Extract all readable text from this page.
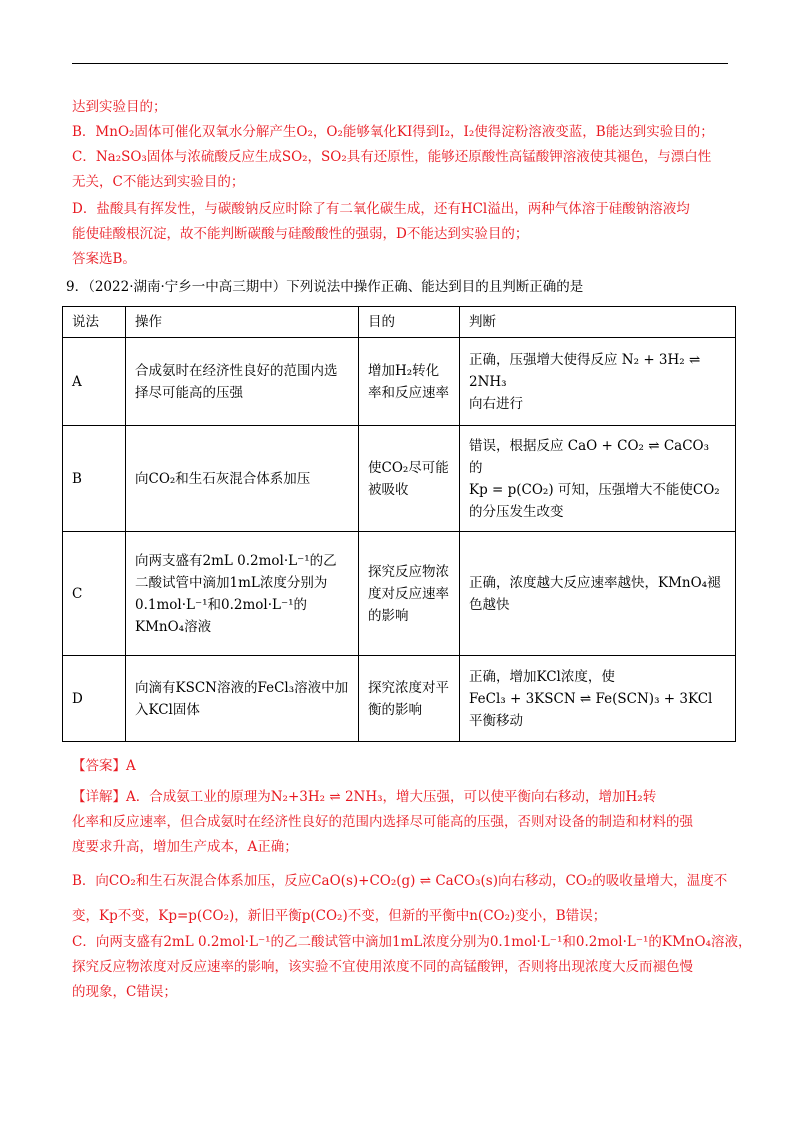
达到实验目的；
B．MnO₂固体可催化双氧水分解产生O₂，O₂能够氧化KI得到I₂，I₂使得淀粉溶液变蓝，B能达到实验目的；
C．Na₂SO₃固体与浓硫酸反应生成SO₂，SO₂具有还原性，能够还原酸性高锰酸钾溶液使其褪色，与漂白性
无关，C不能达到实验目的；
D．盐酸具有挥发性，与碳酸钠反应时除了有二氧化碳生成，还有HCl溢出，两种气体溶于硅酸钠溶液均
能使硅酸根沉淀，故不能判断碳酸与硅酸酸性的强弱，D不能达到实验目的；
答案选B。
9．（2022·湖南·宁乡一中高三期中）下列说法中操作正确、能达到目的且判断正确的是
说法	操作	目的	判断
A	合成氨时在经济性良好的范围内选择尽可能高的压强	增加H₂转化率和反应速率	正确，压强增大使得反应 N₂ + 3H₂ ⇌ 2NH₃
向右进行
B	向CO₂和生石灰混合体系加压	使CO₂尽可能被吸收	错误，根据反应 CaO + CO₂ ⇌ CaCO₃ 的
Kp = p(CO₂) 可知，压强增大不能使CO₂的分压发生改变
C	向两支盛有2mL 0.2mol·L⁻¹的乙二酸试管中滴加1mL浓度分别为0.1mol·L⁻¹和0.2mol·L⁻¹的KMnO₄溶液	探究反应物浓度对反应速率的影响	正确，浓度越大反应速率越快，KMnO₄褪色越快
D	向滴有KSCN溶液的FeCl₃溶液中加入KCl固体	探究浓度对平衡的影响	正确，增加KCl浓度，使
FeCl₃ + 3KSCN ⇌ Fe(SCN)₃ + 3KCl 平衡移动
【答案】A
【详解】A．合成氨工业的原理为N₂+3H₂ ⇌ 2NH₃，增大压强，可以使平衡向右移动，增加H₂转
化率和反应速率，但合成氨时在经济性良好的范围内选择尽可能高的压强，否则对设备的制造和材料的强
度要求升高，增加生产成本，A正确；
B．向CO₂和生石灰混合体系加压，反应CaO(s)+CO₂(g) ⇌ CaCO₃(s)向右移动，CO₂的吸收量增大，温度不
变，Kp不变，Kp=p(CO₂)，新旧平衡p(CO₂)不变，但新的平衡中n(CO₂)变小，B错误；
C．向两支盛有2mL 0.2mol·L⁻¹的乙二酸试管中滴加1mL浓度分别为0.1mol·L⁻¹和0.2mol·L⁻¹的KMnO₄溶液，
探究反应物浓度对反应速率的影响，该实验不宜使用浓度不同的高锰酸钾，否则将出现浓度大反而褪色慢
的现象，C错误；
